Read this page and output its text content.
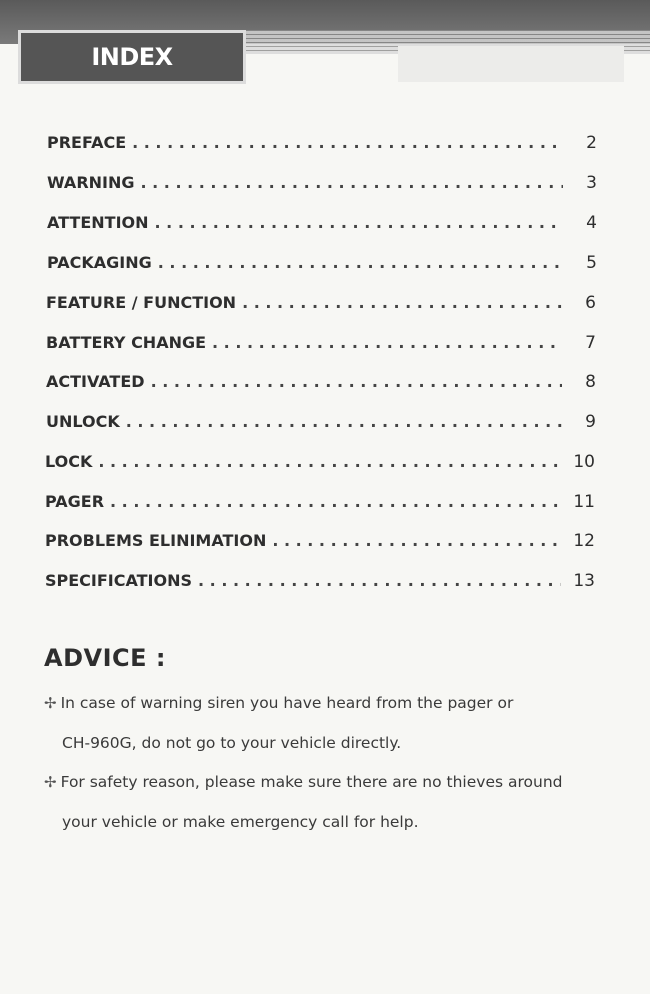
INDEX
PREFACE . . .	2
WARNING . . .	3
ATTENTION . . .	4
PACKAGING . . .	5
FEATURE / FUNCTION . . .	6
BATTERY CHANGE . . .	7
ACTIVATED . . .	8
UNLOCK . . .	9
LOCK . . .	10
PAGER . . .	11
PROBLEMS ELINIMATION . . .	12
SPECIFICATIONS . . .	13
ADVICE :
✢ In case of warning siren you have heard from the pager or
CH-960G, do not go to your vehicle directly.
✢ For safety reason, please make sure there are no thieves around
your vehicle or make emergency call for help.
